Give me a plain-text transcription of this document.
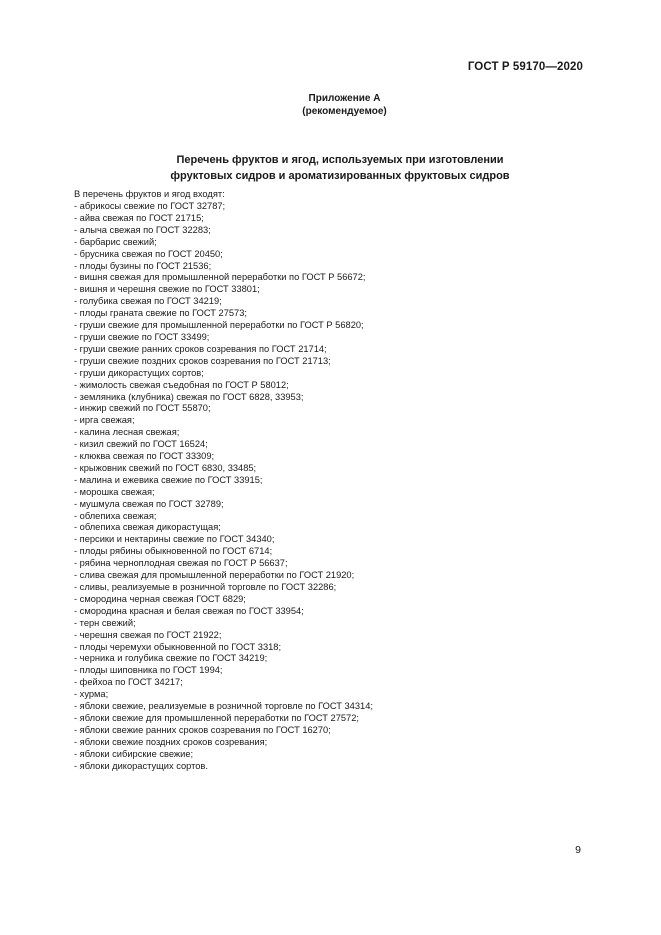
ГОСТ Р 59170—2020
Приложение А
(рекомендуемое)
Перечень фруктов и ягод, используемых при изготовлении
фруктовых сидров и ароматизированных фруктовых сидров
В перечень фруктов и ягод входят:
- абрикосы свежие по ГОСТ 32787;
- айва свежая по ГОСТ 21715;
- алыча свежая по ГОСТ 32283;
- барбарис свежий;
- брусника свежая по ГОСТ 20450;
- плоды бузины по ГОСТ 21536;
- вишня свежая для промышленной переработки по ГОСТ Р 56672;
- вишня и черешня свежие по ГОСТ 33801;
- голубика свежая по ГОСТ 34219;
- плоды граната свежие по ГОСТ 27573;
- груши свежие для промышленной переработки по ГОСТ Р 56820;
- груши свежие по ГОСТ 33499;
- груши свежие ранних сроков созревания по ГОСТ 21714;
- груши свежие поздних сроков созревания по ГОСТ 21713;
- груши дикорастущих сортов;
- жимолость свежая съедобная по ГОСТ Р 58012;
- земляника (клубника) свежая по ГОСТ 6828, 33953;
- инжир свежий по ГОСТ 55870;
- ирга свежая;
- калина лесная свежая;
- кизил свежий по ГОСТ 16524;
- клюква свежая по ГОСТ 33309;
- крыжовник свежий по ГОСТ 6830, 33485;
- малина и ежевика свежие по ГОСТ 33915;
- морошка свежая;
- мушмула свежая по ГОСТ 32789;
- облепиха свежая;
- облепиха свежая дикорастущая;
- персики и нектарины свежие по ГОСТ 34340;
- плоды рябины обыкновенной по ГОСТ 6714;
- рябина черноплодная свежая по ГОСТ Р 56637;
- слива свежая для промышленной переработки по ГОСТ 21920;
- сливы, реализуемые в розничной торговле по ГОСТ 32286;
- смородина черная свежая ГОСТ 6829;
- смородина красная и белая свежая по ГОСТ 33954;
- терн свежий;
- черешня свежая по ГОСТ 21922;
- плоды черемухи обыкновенной по ГОСТ 3318;
- черника и голубика свежие по ГОСТ 34219;
- плоды шиповника по ГОСТ 1994;
- фейхоа по ГОСТ 34217;
- хурма;
- яблоки свежие, реализуемые в розничной торговле по ГОСТ 34314;
- яблоки свежие для промышленной переработки по ГОСТ 27572;
- яблоки свежие ранних сроков созревания по ГОСТ 16270;
- яблоки свежие поздних сроков созревания;
- яблоки сибирские свежие;
- яблоки дикорастущих сортов.
9
